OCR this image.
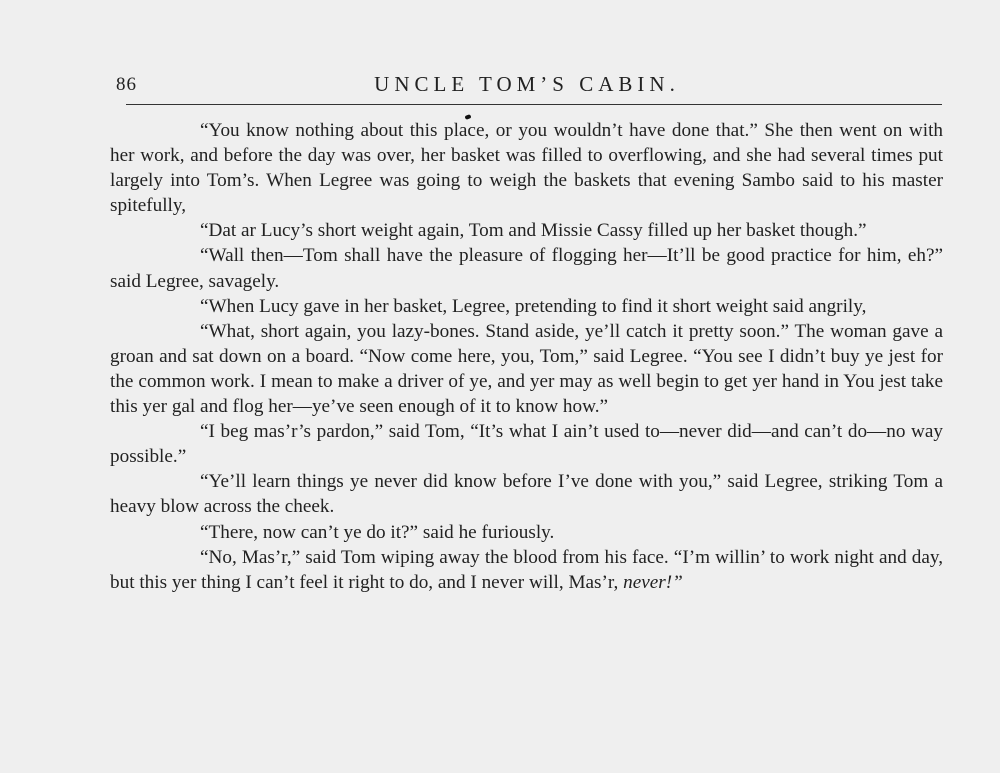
86	UNCLE TOM’S CABIN.

“You know nothing about this place, or you wouldn’t have done that.” She then went on with her work, and before the day was over, her basket was filled to overflowing, and she had several times put largely into Tom’s. When Legree was going to weigh the baskets that evening Sambo said to his master spitefully,

“Dat ar Lucy’s short weight again, Tom and Missie Cassy filled up her basket though.”

“Wall then—Tom shall have the pleasure of flogging her—It’ll be good practice for him, eh?” said Legree, savagely.

“When Lucy gave in her basket, Legree, pretending to find it short weight said angrily,

“What, short again, you lazy-bones. Stand aside, ye’ll catch it pretty soon.” The woman gave a groan and sat down on a board. “Now come here, you, Tom,” said Legree. “You see I didn’t buy ye jest for the common work. I mean to make a driver of ye, and yer may as well begin to get yer hand in You jest take this yer gal and flog her—ye’ve seen enough of it to know how.”

“I beg mas’r’s pardon,” said Tom, “It’s what I ain’t used to—never did—and can’t do—no way possible.”

“Ye’ll learn things ye never did know before I’ve done with you,” said Legree, striking Tom a heavy blow across the cheek.

“There, now can’t ye do it?” said he furiously.

“No, Mas’r,” said Tom wiping away the blood from his face. “I’m willin’ to work night and day, but this yer thing I can’t feel it right to do, and I never will, Mas’r, never!”
